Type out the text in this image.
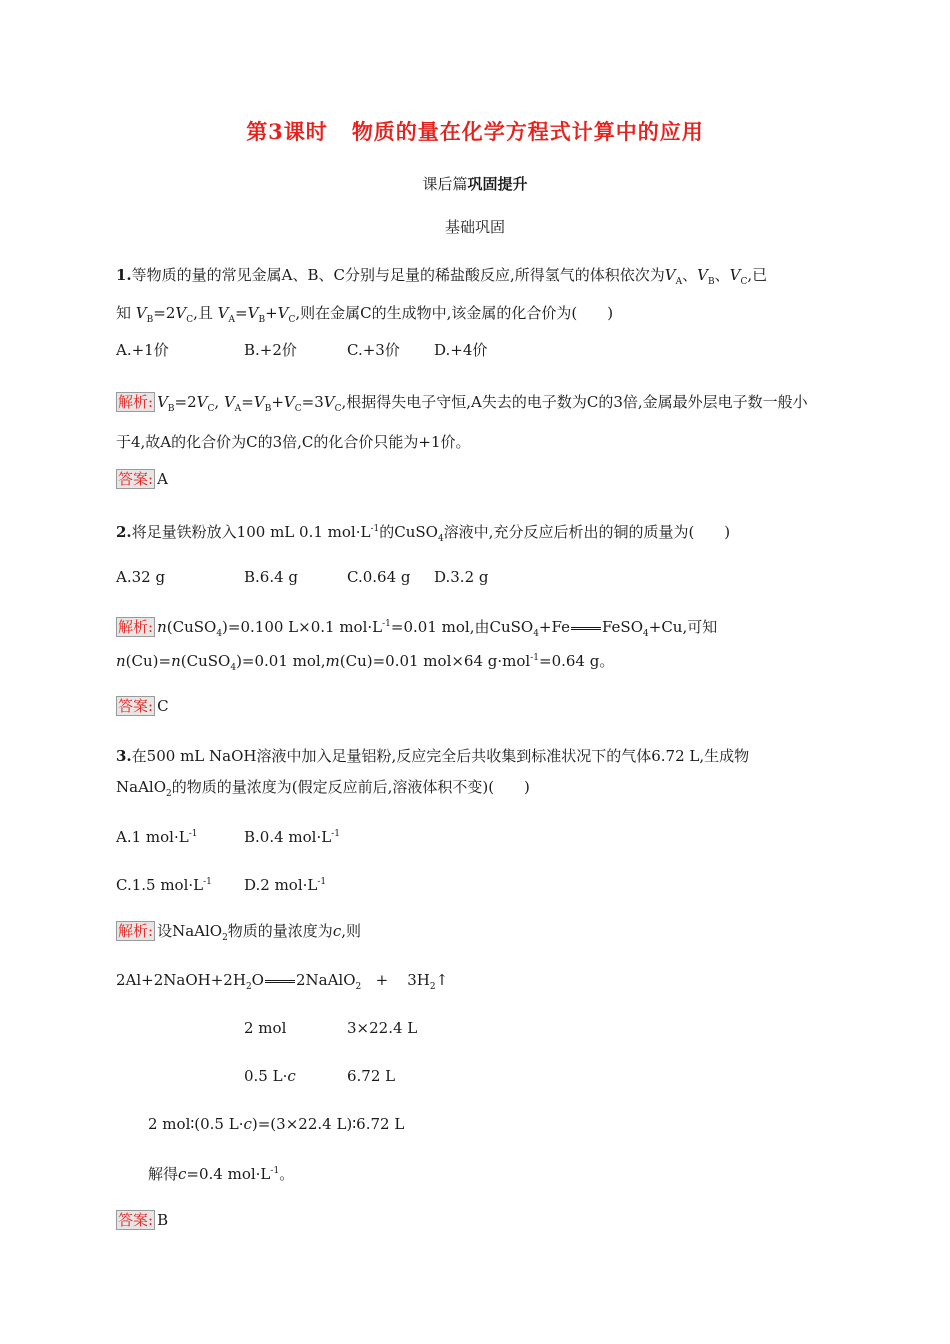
第3课时 物质的量在化学方程式计算中的应用
课后篇巩固提升
基础巩固
1.等物质的量的常见金属A、B、C分别与足量的稀盐酸反应,所得氢气的体积依次为$V_A$、$V_B$、$V_C$,已
知 $V_B=2V_C$,且 $V_A=V_B+V_C$,则在金属C的生成物中,该金属的化合价为(　　)
A.+1价	B.+2价	C.+3价 D.+4价
解析: $V_B=2V_C$, $V_A=V_B+V_C=3V_C$,根据得失电子守恒,A失去的电子数为C的3倍,金属最外层电子数一般小
于4,故A的化合价为C的3倍,C的化合价只能为+1价。
答案: A
2.将足量铁粉放入100 mL 0.1 $mol\cdot L^{-1}$的CuSO$_4$溶液中,充分反应后析出的铜的质量为(　　)
A.32 g	B.6.4 g	C.0.64 g D.3.2 g
解析: n(CuSO$_4$)=0.100 L×0.1 $mol\cdot L^{-1}=0.01$ mol,由CuSO$_4$+Fe FeSO$_4$+Cu,可知
n(Cu)=n(CuSO$_4$)=0.01 mol,m(Cu)=0.01 mol×64 g·mol$^{-1}$=0.64 g。
答案: C
3.在500 mL NaOH溶液中加入足量铝粉,反应完全后共收集到标准状况下的气体6.72 L,生成物
NaAlO$_2$的物质的量浓度为(假定反应前后,溶液体积不变)(　　)
A.1 $mol\cdot L^{-1}$	B.0.4 $mol\cdot L^{-1}$
C.1.5 $mol\cdot L^{-1}$ D.2 $mol\cdot L^{-1}$
解析: 设NaAlO$_2$物质的量浓度为c,则
$2Al+2NaOH+2H_2O$ 2NaAlO$_2$   +    $3H_2↑$
2 mol	3×22.4 L
0.5 L·c	6.72 L
2 mol∶(0.5 L·c)=(3×22.4 L)∶6.72 L
解得c=0.4 $mol\cdot L^{-1}$。
答案: B
